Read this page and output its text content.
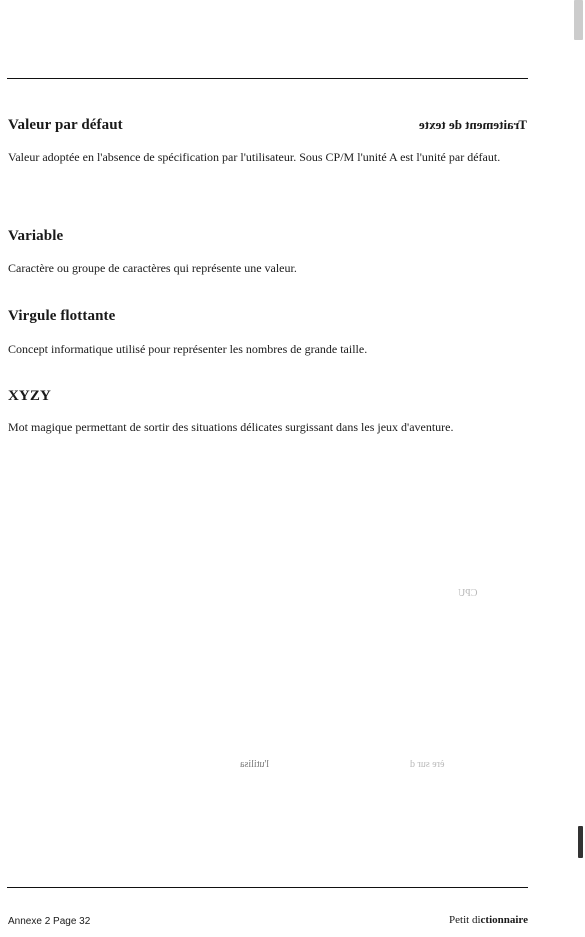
Traitement de texte
Valeur par défaut
Valeur adoptée en l'absence de spécification par l'utilisateur. Sous CP/M l'unité A est l'unité par défaut.
Variable
Caractère ou groupe de caractères qui représente une valeur.
Virgule flottante
Concept informatique utilisé pour représenter les nombres de grande taille.
XYZY
Mot magique permettant de sortir des situations délicates surgissant dans les jeux d'aventure.
CPU
l'utilisa	ère sur d
Annexe 2 Page 32	Petit dictionnaire
